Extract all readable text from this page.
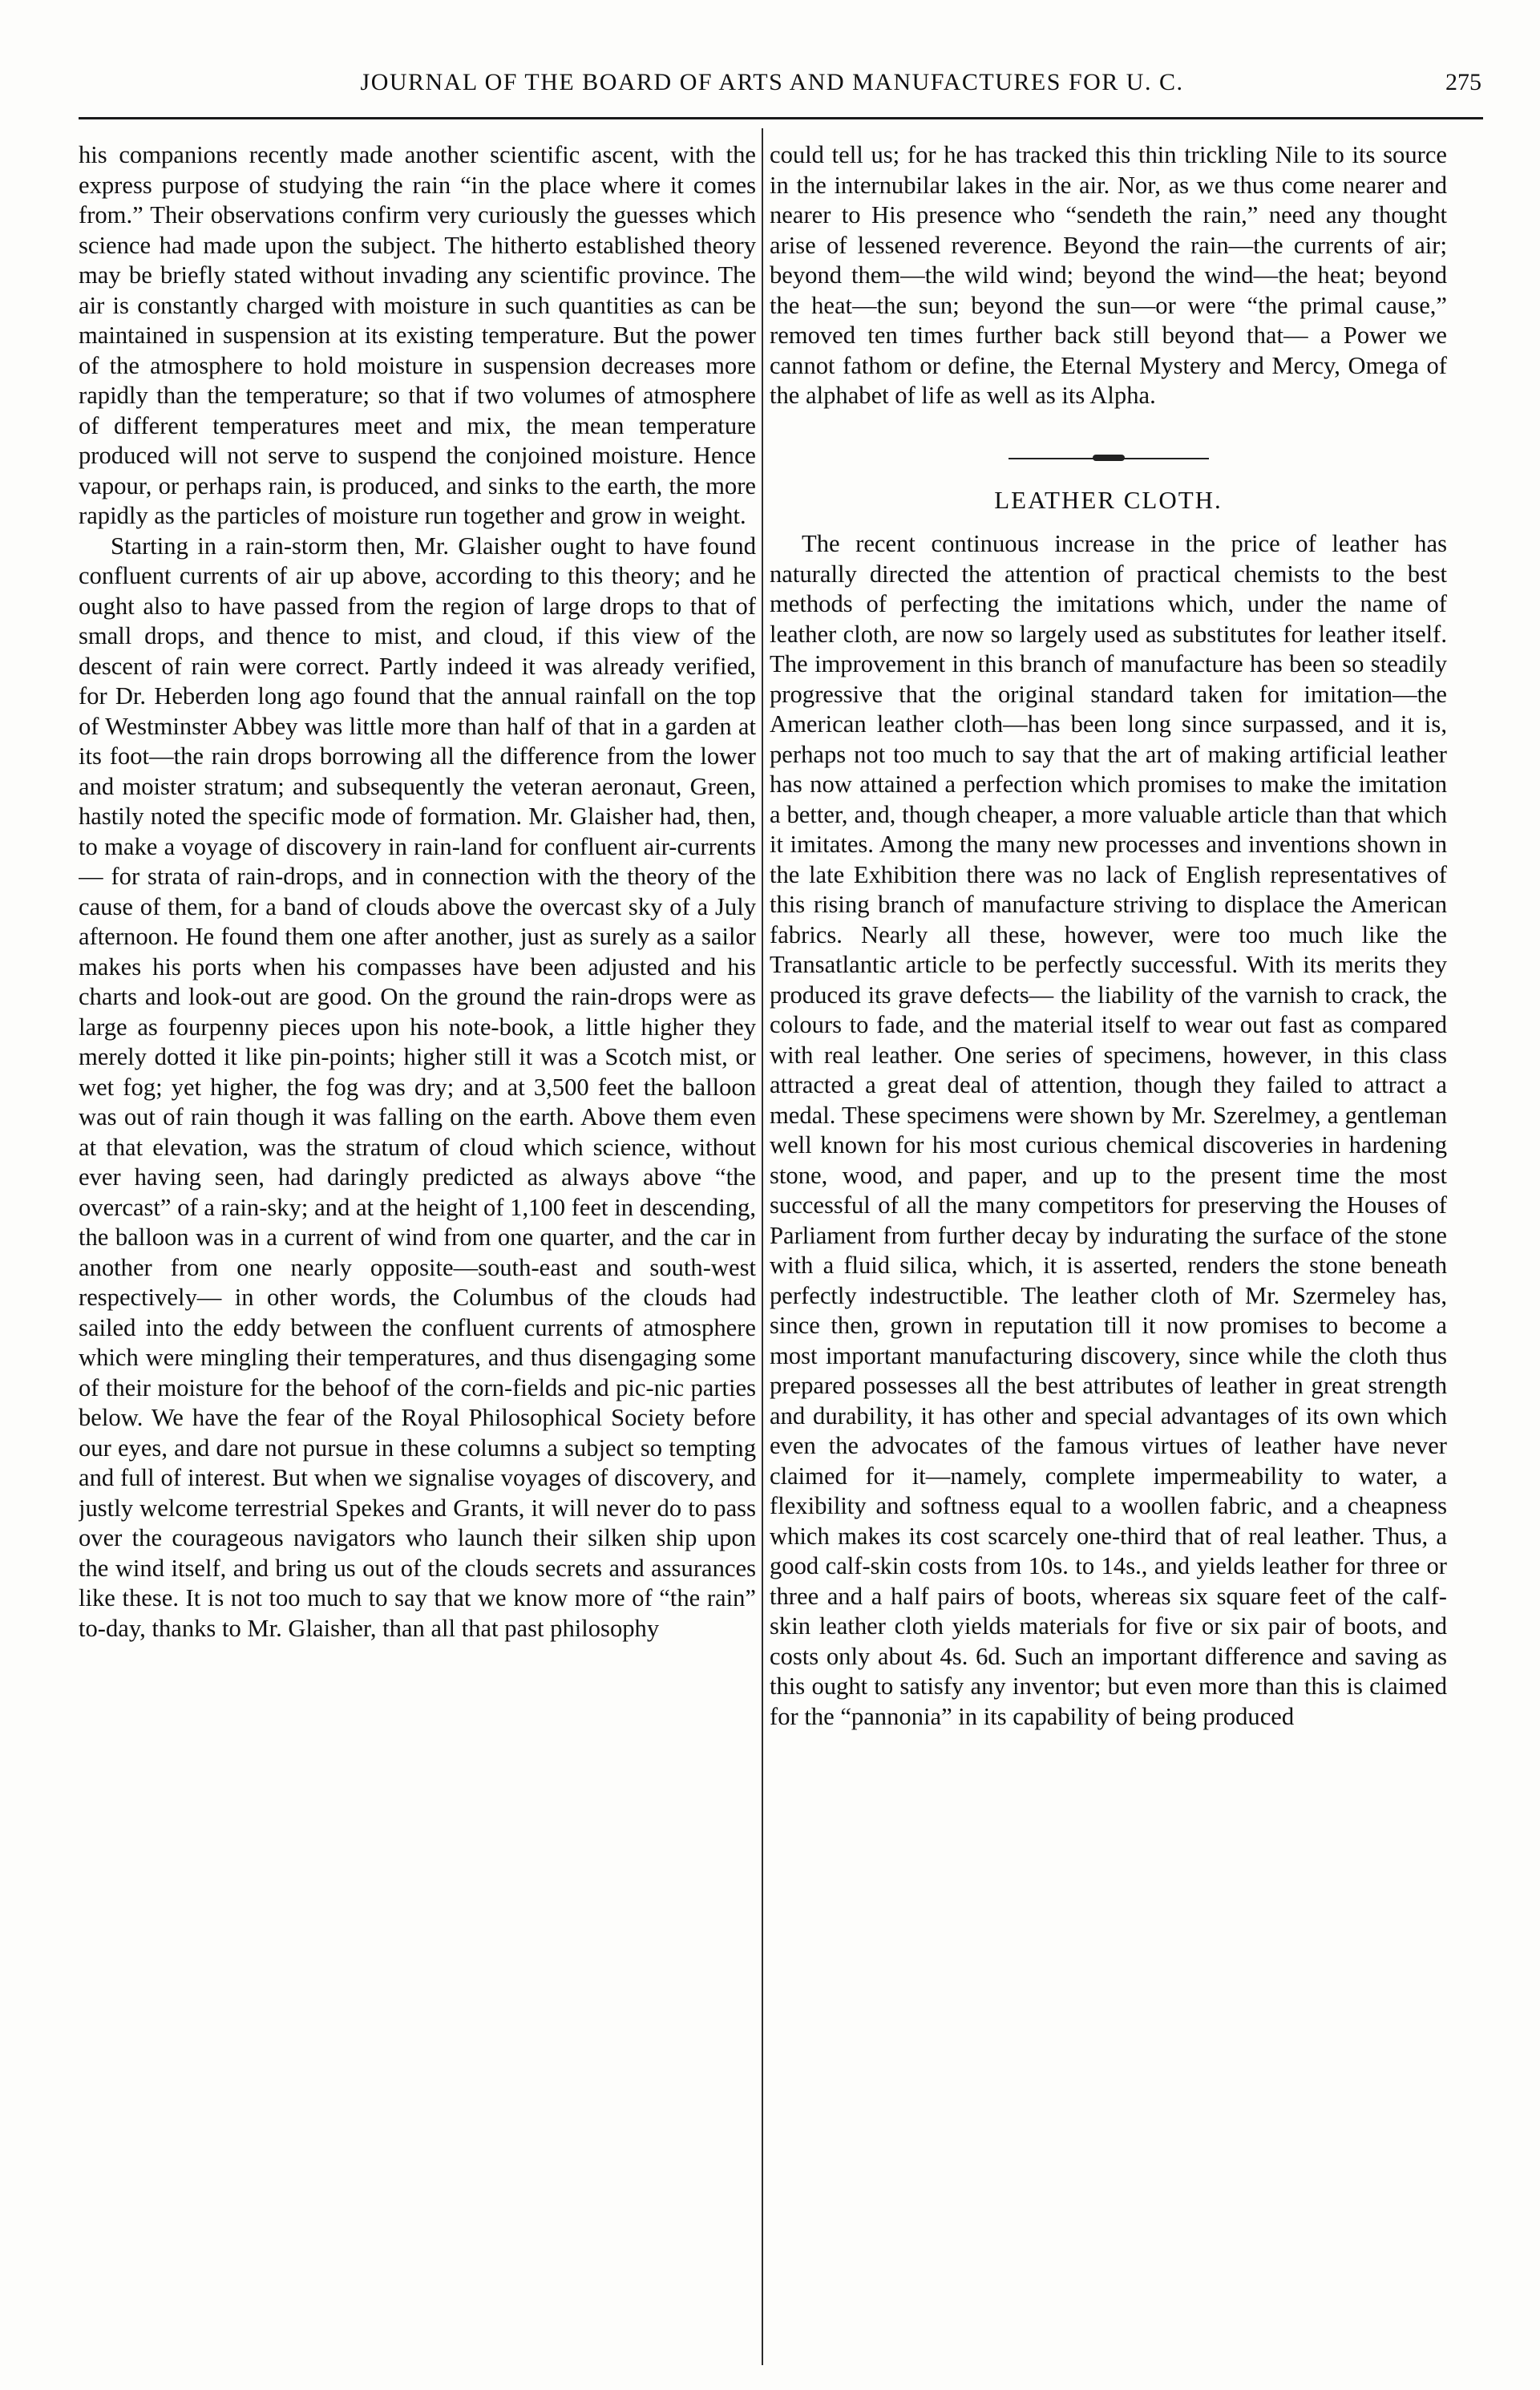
JOURNAL OF THE BOARD OF ARTS AND MANUFACTURES FOR U. C.	275

his companions recently made another scientific ascent, with the express purpose of studying the rain “in the place where it comes from.” Their observations confirm very curiously the guesses which science had made upon the subject. The hitherto established theory may be briefly stated without invading any scientific province. The air is constantly charged with moisture in such quantities as can be maintained in suspension at its existing temperature. But the power of the atmosphere to hold moisture in suspension decreases more rapidly than the temperature; so that if two volumes of atmosphere of different temperatures meet and mix, the mean temperature produced will not serve to suspend the conjoined moisture. Hence vapour, or perhaps rain, is produced, and sinks to the earth, the more rapidly as the particles of moisture run together and grow in weight.

Starting in a rain-storm then, Mr. Glaisher ought to have found confluent currents of air up above, according to this theory; and he ought also to have passed from the region of large drops to that of small drops, and thence to mist, and cloud, if this view of the descent of rain were correct. Partly indeed it was already verified, for Dr. Heberden long ago found that the annual rainfall on the top of Westminster Abbey was little more than half of that in a garden at its foot—the rain drops borrowing all the difference from the lower and moister stratum; and subsequently the veteran aeronaut, Green, hastily noted the specific mode of formation. Mr. Glaisher had, then, to make a voyage of discovery in rain-land for confluent air-currents — for strata of rain-drops, and in connection with the theory of the cause of them, for a band of clouds above the overcast sky of a July afternoon. He found them one after another, just as surely as a sailor makes his ports when his compasses have been adjusted and his charts and look-out are good. On the ground the rain-drops were as large as fourpenny pieces upon his note-book, a little higher they merely dotted it like pin-points; higher still it was a Scotch mist, or wet fog; yet higher, the fog was dry; and at 3,500 feet the balloon was out of rain though it was falling on the earth. Above them even at that elevation, was the stratum of cloud which science, without ever having seen, had daringly predicted as always above “the overcast” of a rain-sky; and at the height of 1,100 feet in descending, the balloon was in a current of wind from one quarter, and the car in another from one nearly opposite—south-east and south-west respectively— in other words, the Columbus of the clouds had sailed into the eddy between the confluent currents of atmosphere which were mingling their temperatures, and thus disengaging some of their moisture for the behoof of the corn-fields and pic-nic parties below. We have the fear of the Royal Philosophical Society before our eyes, and dare not pursue in these columns a subject so tempting and full of interest. But when we signalise voyages of discovery, and justly welcome terrestrial Spekes and Grants, it will never do to pass over the courageous navigators who launch their silken ship upon the wind itself, and bring us out of the clouds secrets and assurances like these. It is not too much to say that we know more of “the rain” to-day, thanks to Mr. Glaisher, than all that past philosophy

could tell us; for he has tracked this thin trickling Nile to its source in the internubilar lakes in the air. Nor, as we thus come nearer and nearer to His presence who “sendeth the rain,” need any thought arise of lessened reverence. Beyond the rain—the currents of air; beyond them—the wild wind; beyond the wind—the heat; beyond the heat—the sun; beyond the sun—or were “the primal cause,” removed ten times further back still beyond that— a Power we cannot fathom or define, the Eternal Mystery and Mercy, Omega of the alphabet of life as well as its Alpha.

LEATHER CLOTH.

The recent continuous increase in the price of leather has naturally directed the attention of practical chemists to the best methods of perfecting the imitations which, under the name of leather cloth, are now so largely used as substitutes for leather itself. The improvement in this branch of manufacture has been so steadily progressive that the original standard taken for imitation—the American leather cloth—has been long since surpassed, and it is, perhaps not too much to say that the art of making artificial leather has now attained a perfection which promises to make the imitation a better, and, though cheaper, a more valuable article than that which it imitates. Among the many new processes and inventions shown in the late Exhibition there was no lack of English representatives of this rising branch of manufacture striving to displace the American fabrics. Nearly all these, however, were too much like the Transatlantic article to be perfectly successful. With its merits they produced its grave defects— the liability of the varnish to crack, the colours to fade, and the material itself to wear out fast as compared with real leather. One series of specimens, however, in this class attracted a great deal of attention, though they failed to attract a medal. These specimens were shown by Mr. Szerelmey, a gentleman well known for his most curious chemical discoveries in hardening stone, wood, and paper, and up to the present time the most successful of all the many competitors for preserving the Houses of Parliament from further decay by indurating the surface of the stone with a fluid silica, which, it is asserted, renders the stone beneath perfectly indestructible. The leather cloth of Mr. Szermeley has, since then, grown in reputation till it now promises to become a most important manufacturing discovery, since while the cloth thus prepared possesses all the best attributes of leather in great strength and durability, it has other and special advantages of its own which even the advocates of the famous virtues of leather have never claimed for it—namely, complete impermeability to water, a flexibility and softness equal to a woollen fabric, and a cheapness which makes its cost scarcely one-third that of real leather. Thus, a good calf-skin costs from 10s. to 14s., and yields leather for three or three and a half pairs of boots, whereas six square feet of the calf-skin leather cloth yields materials for five or six pair of boots, and costs only about 4s. 6d. Such an important difference and saving as this ought to satisfy any inventor; but even more than this is claimed for the “pannonia” in its capability of being produced
